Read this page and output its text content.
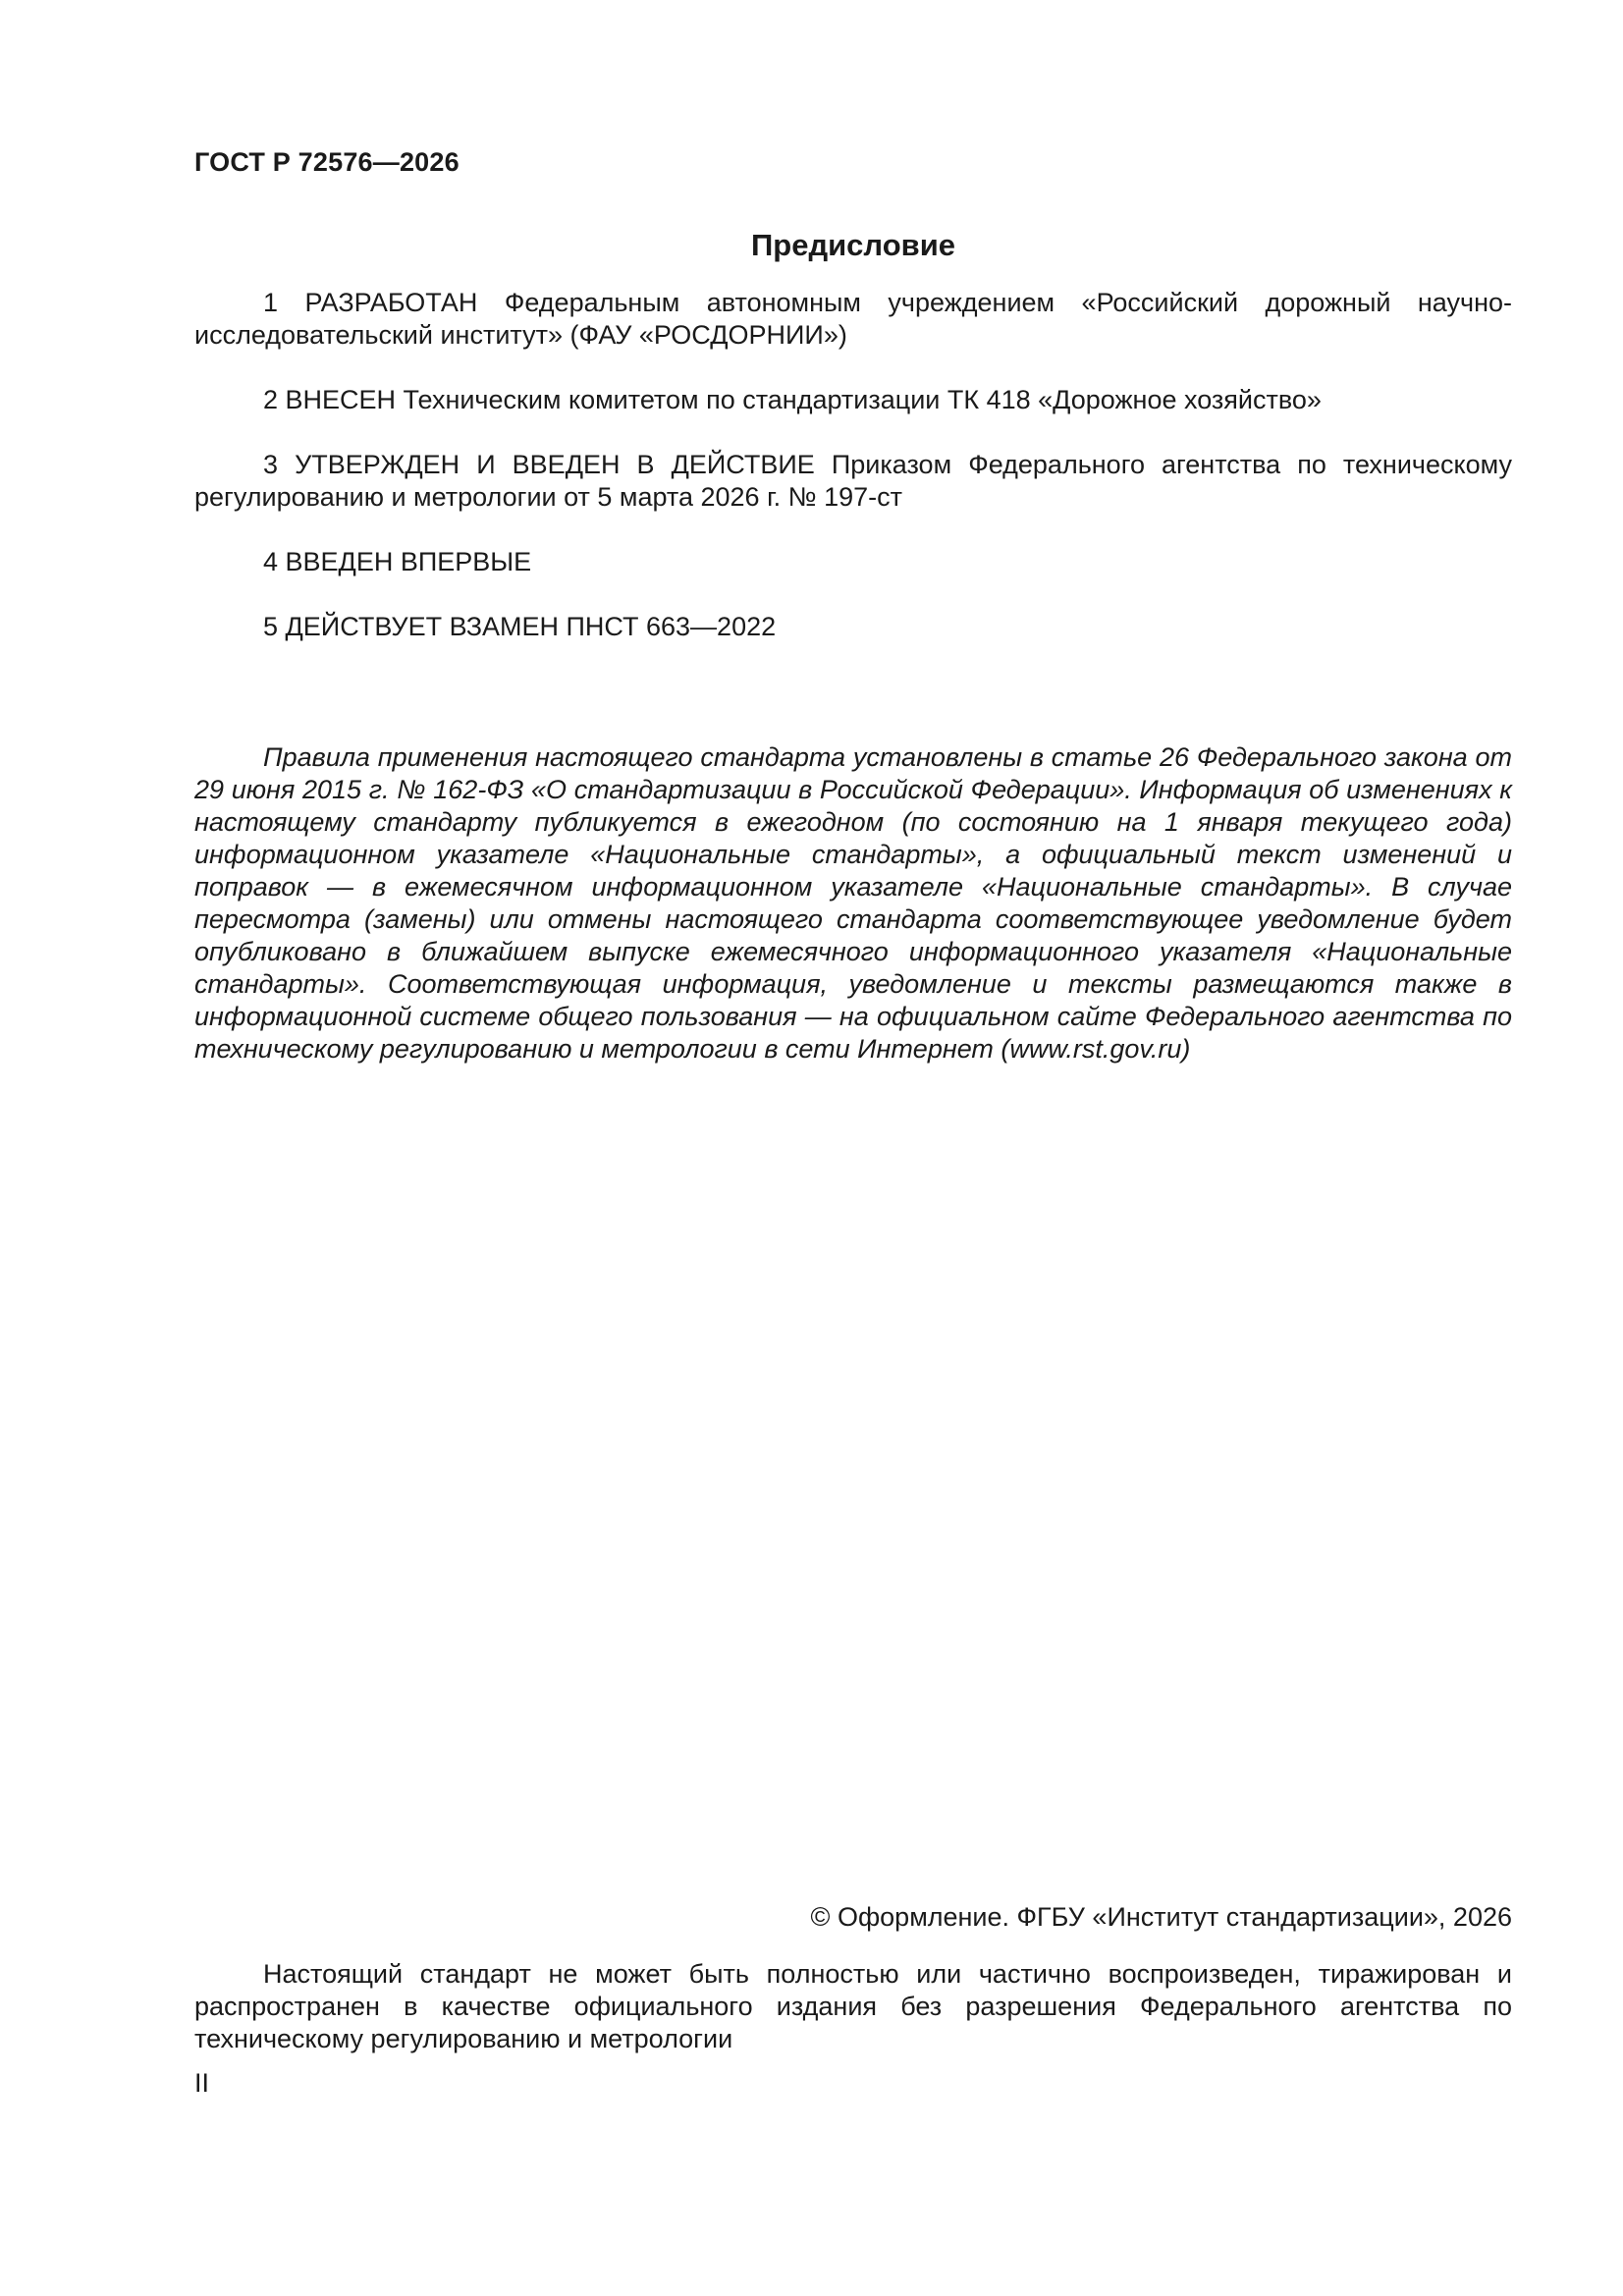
ГОСТ Р 72576—2026
Предисловие

1 РАЗРАБОТАН Федеральным автономным учреждением «Российский дорожный научно-исследовательский институт» (ФАУ «РОСДОРНИИ»)

2 ВНЕСЕН Техническим комитетом по стандартизации ТК 418 «Дорожное хозяйство»

3 УТВЕРЖДЕН И ВВЕДЕН В ДЕЙСТВИЕ Приказом Федерального агентства по техническому регулированию и метрологии от 5 марта 2026 г. № 197-ст

4 ВВЕДЕН ВПЕРВЫЕ

5 ДЕЙСТВУЕТ ВЗАМЕН ПНСТ 663—2022

Правила применения настоящего стандарта установлены в статье 26 Федерального закона от 29 июня 2015 г. № 162-ФЗ «О стандартизации в Российской Федерации». Информация об изменениях к настоящему стандарту публикуется в ежегодном (по состоянию на 1 января текущего года) информационном указателе «Национальные стандарты», а официальный текст изменений и поправок — в ежемесячном информационном указателе «Национальные стандарты». В случае пересмотра (замены) или отмены настоящего стандарта соответствующее уведомление будет опубликовано в ближайшем выпуске ежемесячного информационного указателя «Национальные стандарты». Соответствующая информация, уведомление и тексты размещаются также в информационной системе общего пользования — на официальном сайте Федерального агентства по техническому регулированию и метрологии в сети Интернет (www.rst.gov.ru)

© Оформление. ФГБУ «Институт стандартизации», 2026

Настоящий стандарт не может быть полностью или частично воспроизведен, тиражирован и распространен в качестве официального издания без разрешения Федерального агентства по техническому регулированию и метрологии

II
